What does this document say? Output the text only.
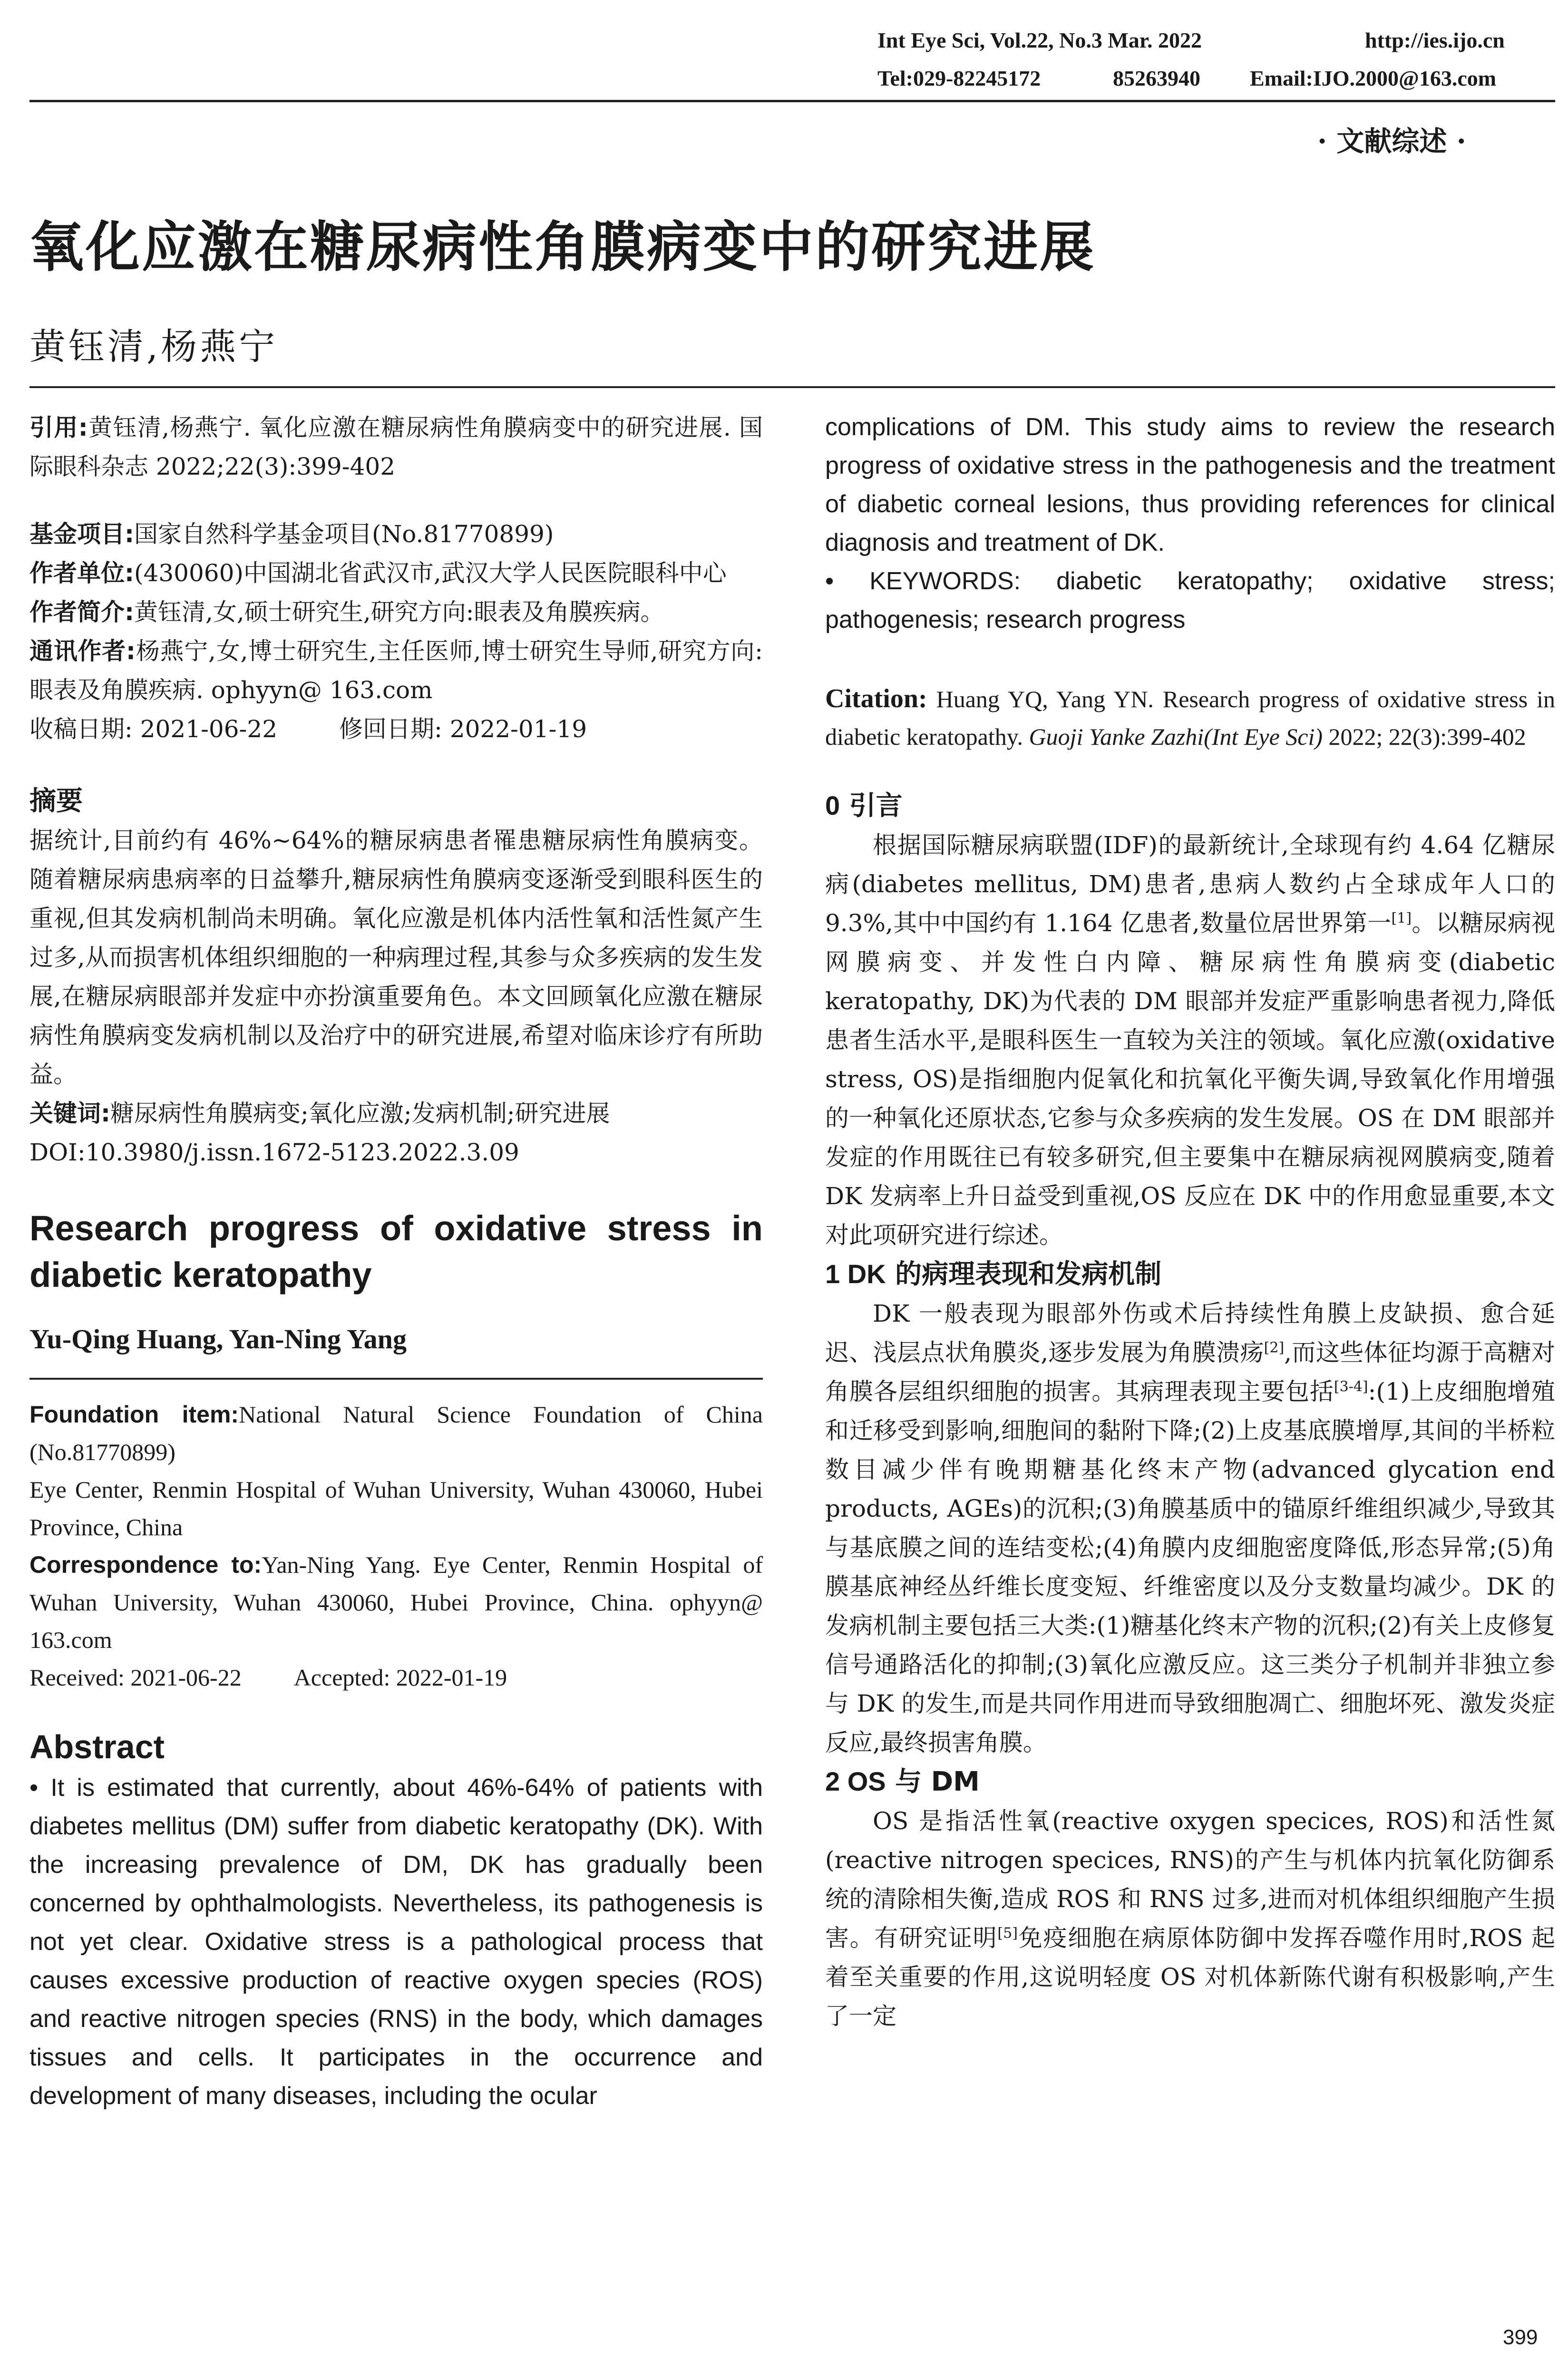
Int Eye Sci, Vol.22, No.3 Mar. 2022	http://ies.ijo.cn
Tel:029-82245172	85263940 Email:IJO.2000@163.com
· 文献综述 ·
氧化应激在糖尿病性角膜病变中的研究进展
黄钰清,杨燕宁
引用:黄钰清,杨燕宁. 氧化应激在糖尿病性角膜病变中的研究进展. 国际眼科杂志 2022;22(3):399-402

基金项目:国家自然科学基金项目(No.81770899)

作者单位:(430060)中国湖北省武汉市,武汉大学人民医院眼科中心

作者简介:黄钰清,女,硕士研究生,研究方向:眼表及角膜疾病。

通讯作者:杨燕宁,女,博士研究生,主任医师,博士研究生导师,研究方向:眼表及角膜疾病. ophyyn@ 163.com

收稿日期: 2021-06-22	修回日期: 2022-01-19

摘要

据统计,目前约有 46%~64%的糖尿病患者罹患糖尿病性角膜病变。随着糖尿病患病率的日益攀升,糖尿病性角膜病变逐渐受到眼科医生的重视,但其发病机制尚未明确。氧化应激是机体内活性氧和活性氮产生过多,从而损害机体组织细胞的一种病理过程,其参与众多疾病的发生发展,在糖尿病眼部并发症中亦扮演重要角色。本文回顾氧化应激在糖尿病性角膜病变发病机制以及治疗中的研究进展,希望对临床诊疗有所助益。

关键词:糖尿病性角膜病变;氧化应激;发病机制;研究进展

DOI:10.3980/j.issn.1672-5123.2022.3.09

Research progress of oxidative stress in diabetic keratopathy
Yu-Qing Huang, Yan-Ning Yang
Foundation item:National Natural Science Foundation of China (No.81770899)
Eye Center, Renmin Hospital of Wuhan University, Wuhan 430060, Hubei Province, China
Correspondence to:Yan-Ning Yang. Eye Center, Renmin Hospital of Wuhan University, Wuhan 430060, Hubei Province, China. ophyyn@ 163.com
Received: 2021-06-22 Accepted: 2022-01-19
Abstract
• It is estimated that currently, about 46%-64% of patients with diabetes mellitus (DM) suffer from diabetic keratopathy (DK). With the increasing prevalence of DM, DK has gradually been concerned by ophthalmologists. Nevertheless, its pathogenesis is not yet clear. Oxidative stress is a pathological process that causes excessive production of reactive oxygen species (ROS) and reactive nitrogen species (RNS) in the body, which damages tissues and cells. It participates in the occurrence and development of many diseases, including the ocular
complications of DM. This study aims to review the research progress of oxidative stress in the pathogenesis and the treatment of diabetic corneal lesions, thus providing references for clinical diagnosis and treatment of DK.
• KEYWORDS: diabetic keratopathy; oxidative stress; pathogenesis; research progress
Citation: Huang YQ, Yang YN. Research progress of oxidative stress in diabetic keratopathy. Guoji Yanke Zazhi(Int Eye Sci) 2022; 22(3):399-402

0 引言

根据国际糖尿病联盟(IDF)的最新统计,全球现有约 4.64 亿糖尿病(diabetes mellitus, DM)患者,患病人数约占全球成年人口的 9.3%,其中中国约有 1.164 亿患者,数量位居世界第一[1]。以糖尿病视网膜病变、并发性白内障、糖尿病性角膜病变(diabetic keratopathy, DK)为代表的 DM 眼部并发症严重影响患者视力,降低患者生活水平,是眼科医生一直较为关注的领域。氧化应激(oxidative stress, OS)是指细胞内促氧化和抗氧化平衡失调,导致氧化作用增强的一种氧化还原状态,它参与众多疾病的发生发展。OS 在 DM 眼部并发症的作用既往已有较多研究,但主要集中在糖尿病视网膜病变,随着 DK 发病率上升日益受到重视,OS 反应在 DK 中的作用愈显重要,本文对此项研究进行综述。

1 DK 的病理表现和发病机制

DK 一般表现为眼部外伤或术后持续性角膜上皮缺损、愈合延迟、浅层点状角膜炎,逐步发展为角膜溃疡[2],而这些体征均源于高糖对角膜各层组织细胞的损害。其病理表现主要包括[3-4]:(1)上皮细胞增殖和迁移受到影响,细胞间的黏附下降;(2)上皮基底膜增厚,其间的半桥粒数目减少伴有晚期糖基化终末产物(advanced glycation end products, AGEs)的沉积;(3)角膜基质中的锚原纤维组织减少,导致其与基底膜之间的连结变松;(4)角膜内皮细胞密度降低,形态异常;(5)角膜基底神经丛纤维长度变短、纤维密度以及分支数量均减少。DK 的发病机制主要包括三大类:(1)糖基化终末产物的沉积;(2)有关上皮修复信号通路活化的抑制;(3)氧化应激反应。这三类分子机制并非独立参与 DK 的发生,而是共同作用进而导致细胞凋亡、细胞坏死、激发炎症反应,最终损害角膜。

2 OS 与 DM

OS 是指活性氧(reactive oxygen specices, ROS)和活性氮(reactive nitrogen specices, RNS)的产生与机体内抗氧化防御系统的清除相失衡,造成 ROS 和 RNS 过多,进而对机体组织细胞产生损害。有研究证明[5]免疫细胞在病原体防御中发挥吞噬作用时,ROS 起着至关重要的作用,这说明轻度 OS 对机体新陈代谢有积极影响,产生了一定

399
